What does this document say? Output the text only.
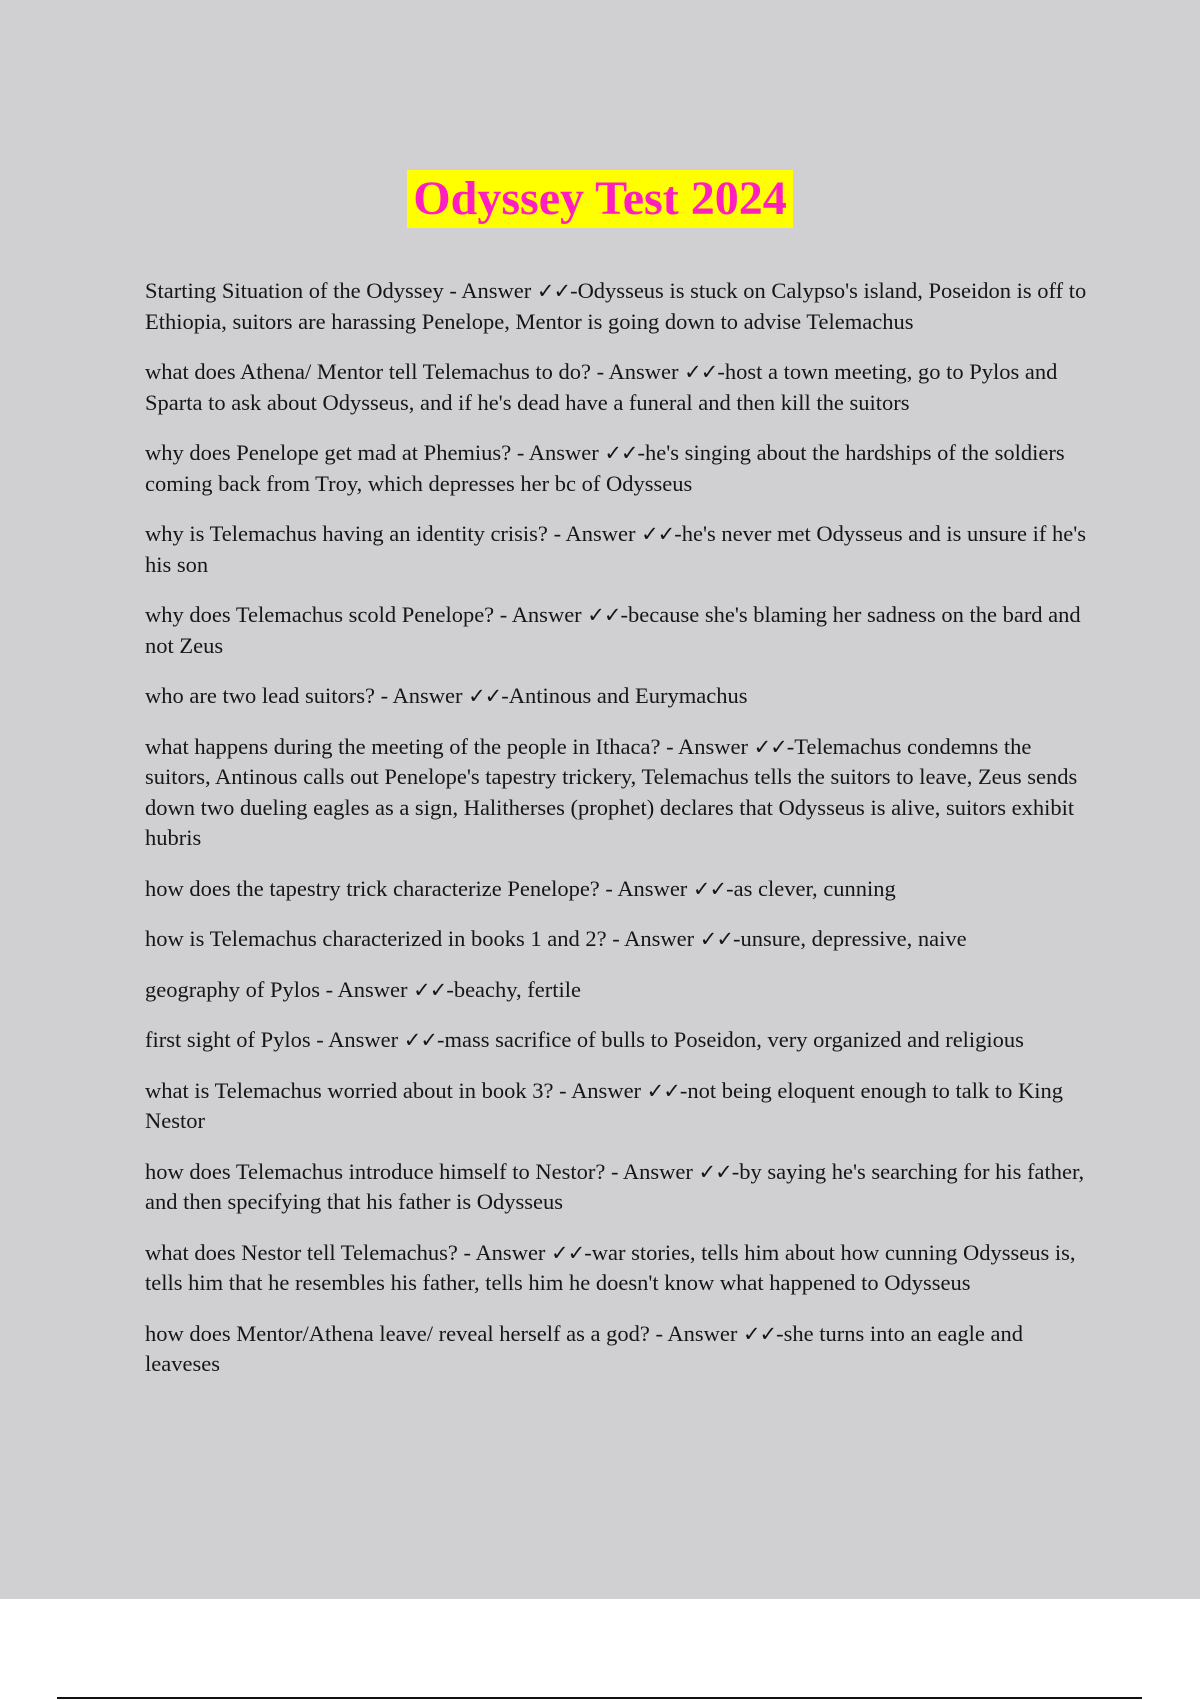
Odyssey Test 2024

Starting Situation of the Odyssey - Answer ✓✓-Odysseus is stuck on Calypso's island, Poseidon is off to Ethiopia, suitors are harassing Penelope, Mentor is going down to advise Telemachus

what does Athena/ Mentor tell Telemachus to do? - Answer ✓✓-host a town meeting, go to Pylos and Sparta to ask about Odysseus, and if he's dead have a funeral and then kill the suitors

why does Penelope get mad at Phemius? - Answer ✓✓-he's singing about the hardships of the soldiers coming back from Troy, which depresses her bc of Odysseus

why is Telemachus having an identity crisis? - Answer ✓✓-he's never met Odysseus and is unsure if he's his son

why does Telemachus scold Penelope? - Answer ✓✓-because she's blaming her sadness on the bard and not Zeus

who are two lead suitors? - Answer ✓✓-Antinous and Eurymachus

what happens during the meeting of the people in Ithaca? - Answer ✓✓-Telemachus condemns the suitors, Antinous calls out Penelope's tapestry trickery, Telemachus tells the suitors to leave, Zeus sends down two dueling eagles as a sign, Halitherses (prophet) declares that Odysseus is alive, suitors exhibit hubris

how does the tapestry trick characterize Penelope? - Answer ✓✓-as clever, cunning

how is Telemachus characterized in books 1 and 2? - Answer ✓✓-unsure, depressive, naive

geography of Pylos - Answer ✓✓-beachy, fertile

first sight of Pylos - Answer ✓✓-mass sacrifice of bulls to Poseidon, very organized and religious

what is Telemachus worried about in book 3? - Answer ✓✓-not being eloquent enough to talk to King Nestor

how does Telemachus introduce himself to Nestor? - Answer ✓✓-by saying he's searching for his father, and then specifying that his father is Odysseus

what does Nestor tell Telemachus? - Answer ✓✓-war stories, tells him about how cunning Odysseus is, tells him that he resembles his father, tells him he doesn't know what happened to Odysseus

how does Mentor/Athena leave/ reveal herself as a god? - Answer ✓✓-she turns into an eagle and leaveses
